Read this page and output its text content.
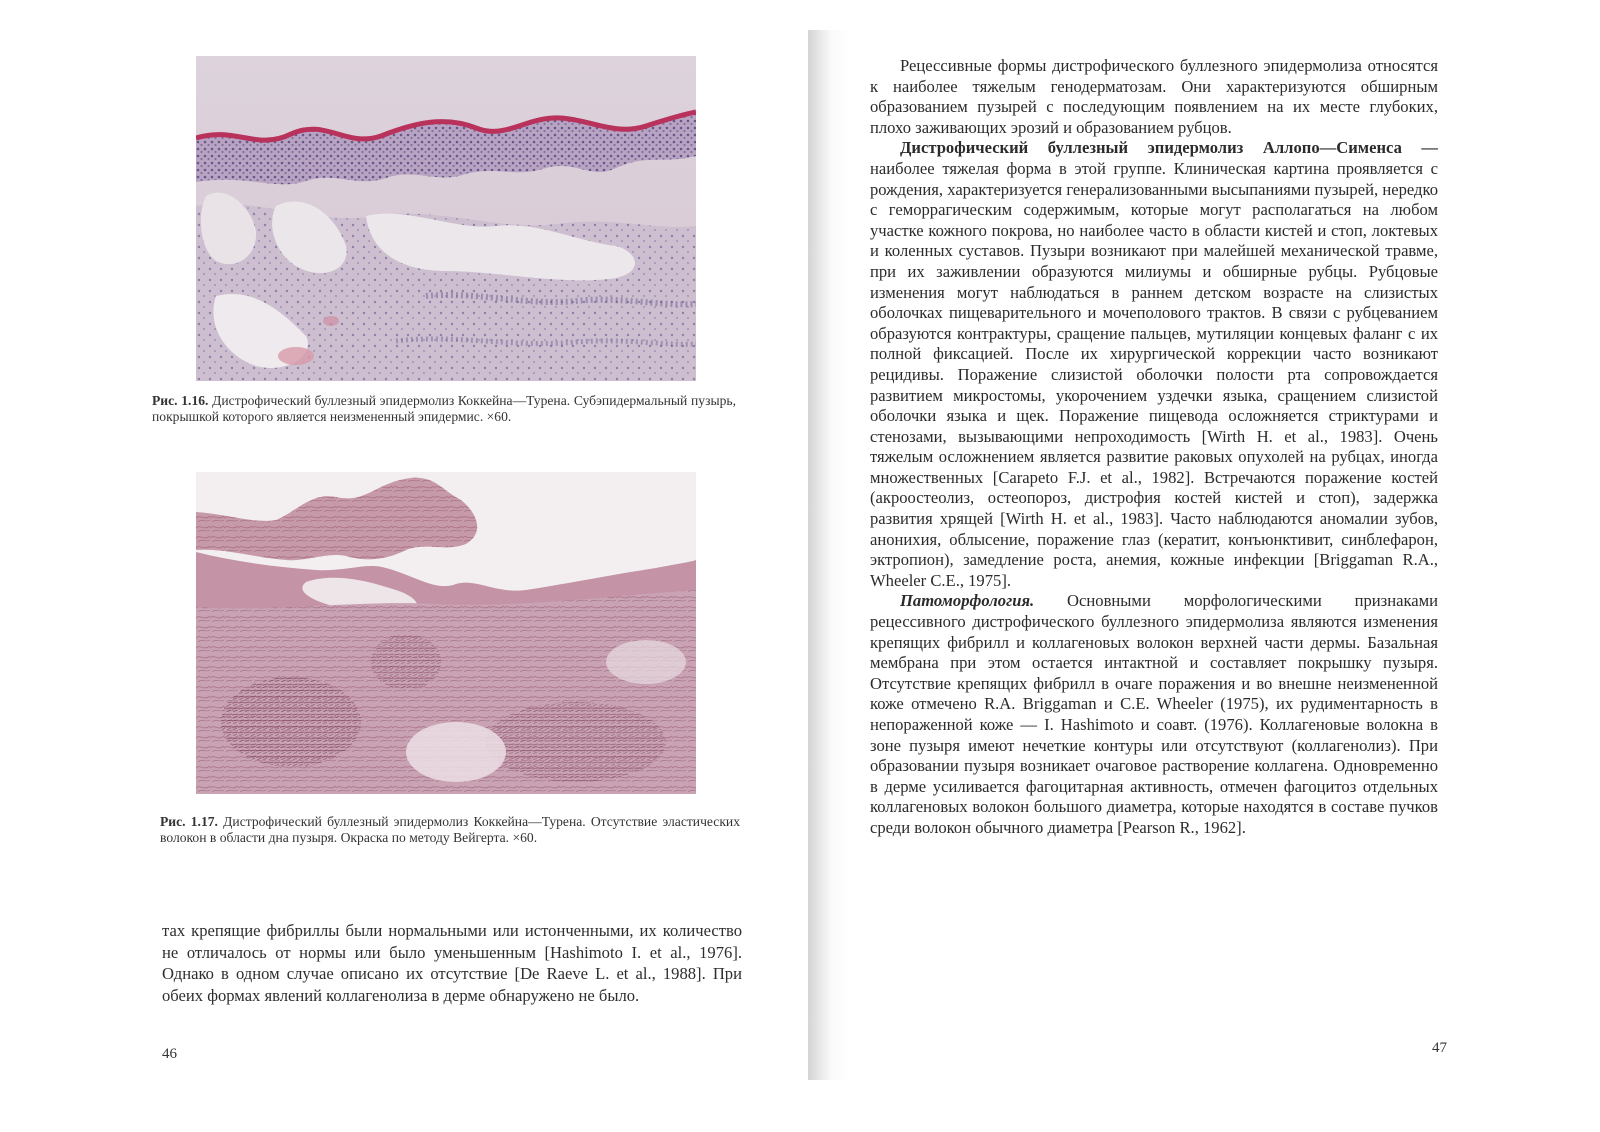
Рис. 1.16. Дистрофический буллезный эпидермолиз Коккейна—Турена. Субэпидермальный пузырь, покрышкой которого является неизмененный эпидермис. ×60.
Рис. 1.17. Дистрофический буллезный эпидермолиз Коккейна—Турена. Отсутствие эластических волокон в области дна пузыря. Окраска по методу Вейгерта. ×60.
тах крепящие фибриллы были нормальными или истонченными, их количество не отличалось от нормы или было уменьшенным [Hashimoto I. et al., 1976]. Однако в одном случае описано их отсутствие [De Raeve L. et al., 1988]. При обеих формах явлений коллагенолиза в дерме обнаружено не было.
46	47

Рецессивные формы дистрофического буллезного эпидермолиза относятся к наиболее тяжелым генодерматозам. Они характеризуются обширным образованием пузырей с последующим появлением на их месте глубоких, плохо заживающих эрозий и образованием рубцов.

Дистрофический буллезный эпидермолиз Аллопо—Сименса — наиболее тяжелая форма в этой группе. Клиническая картина проявляется с рождения, характеризуется генерализованными высыпаниями пузырей, нередко с геморрагическим содержимым, которые могут располагаться на любом участке кожного покрова, но наиболее часто в области кистей и стоп, локтевых и коленных суставов. Пузыри возникают при малейшей механической травме, при их заживлении образуются милиумы и обширные рубцы. Рубцовые изменения могут наблюдаться в раннем детском возрасте на слизистых оболочках пищеварительного и мочеполового трактов. В связи с рубцеванием образуются контрактуры, сращение пальцев, мутиляции концевых фаланг с их полной фиксацией. После их хирургической коррекции часто возникают рецидивы. Поражение слизистой оболочки полости рта сопровождается развитием микростомы, укорочением уздечки языка, сращением слизистой оболочки языка и щек. Поражение пищевода осложняется стриктурами и стенозами, вызывающими непроходимость [Wirth H. et al., 1983]. Очень тяжелым осложнением является развитие раковых опухолей на рубцах, иногда множественных [Carapeto F.J. et al., 1982]. Встречаются поражение костей (акроостеолиз, остеопороз, дистрофия костей кистей и стоп), задержка развития хрящей [Wirth H. et al., 1983]. Часто наблюдаются аномалии зубов, анонихия, облысение, поражение глаз (кератит, конъюнктивит, синблефарон, эктропион), замедление роста, анемия, кожные инфекции [Briggaman R.A., Wheeler C.E., 1975].

Патоморфология. Основными морфологическими признаками рецессивного дистрофического буллезного эпидермолиза являются изменения крепящих фибрилл и коллагеновых волокон верхней части дермы. Базальная мембрана при этом остается интактной и составляет покрышку пузыря. Отсутствие крепящих фибрилл в очаге поражения и во внешне неизмененной коже отмечено R.A. Briggaman и C.E. Wheeler (1975), их рудиментарность в непораженной коже — I. Hashimoto и соавт. (1976). Коллагеновые волокна в зоне пузыря имеют нечеткие контуры или отсутствуют (коллагенолиз). При образовании пузыря возникает очаговое растворение коллагена. Одновременно в дерме усиливается фагоцитарная активность, отмечен фагоцитоз отдельных коллагеновых волокон большого диаметра, которые находятся в составе пучков среди волокон обычного диаметра [Pearson R., 1962].
